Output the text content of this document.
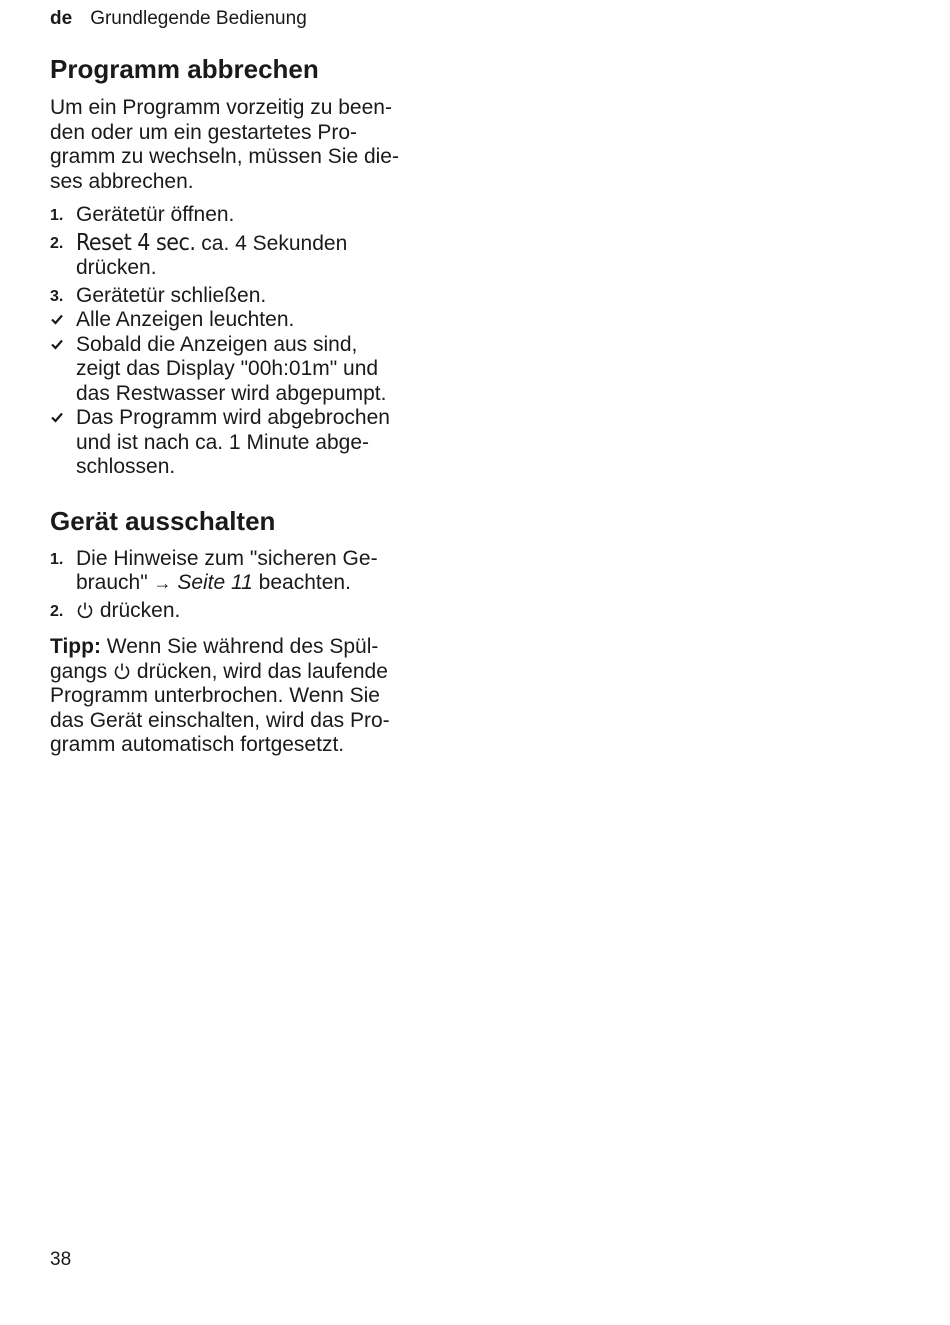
de Grundlegende Bedienung
Programm abbrechen

Um ein Programm vorzeitig zu been-
den oder um ein gestartetes Pro-
gramm zu wechseln, müssen Sie die-
ses abbrechen.

1. Gerätetür öffnen.
2. Reset 4 sec. ca. 4 Sekunden
drücken.
3. Gerätetür schließen.
Alle Anzeigen leuchten.
Sobald die Anzeigen aus sind,
zeigt das Display "00h:01m" und
das Restwasser wird abgepumpt.
Das Programm wird abgebrochen
und ist nach ca. 1 Minute abge-
schlossen.
Gerät ausschalten
1. Die Hinweise zum "sicheren Ge-
brauch" → Seite 11 beachten.
2.	drücken.

Tipp: Wenn Sie während des Spül-
gangs  drücken, wird das laufende
Programm unterbrochen. Wenn Sie
das Gerät einschalten, wird das Pro-
gramm automatisch fortgesetzt.

38
